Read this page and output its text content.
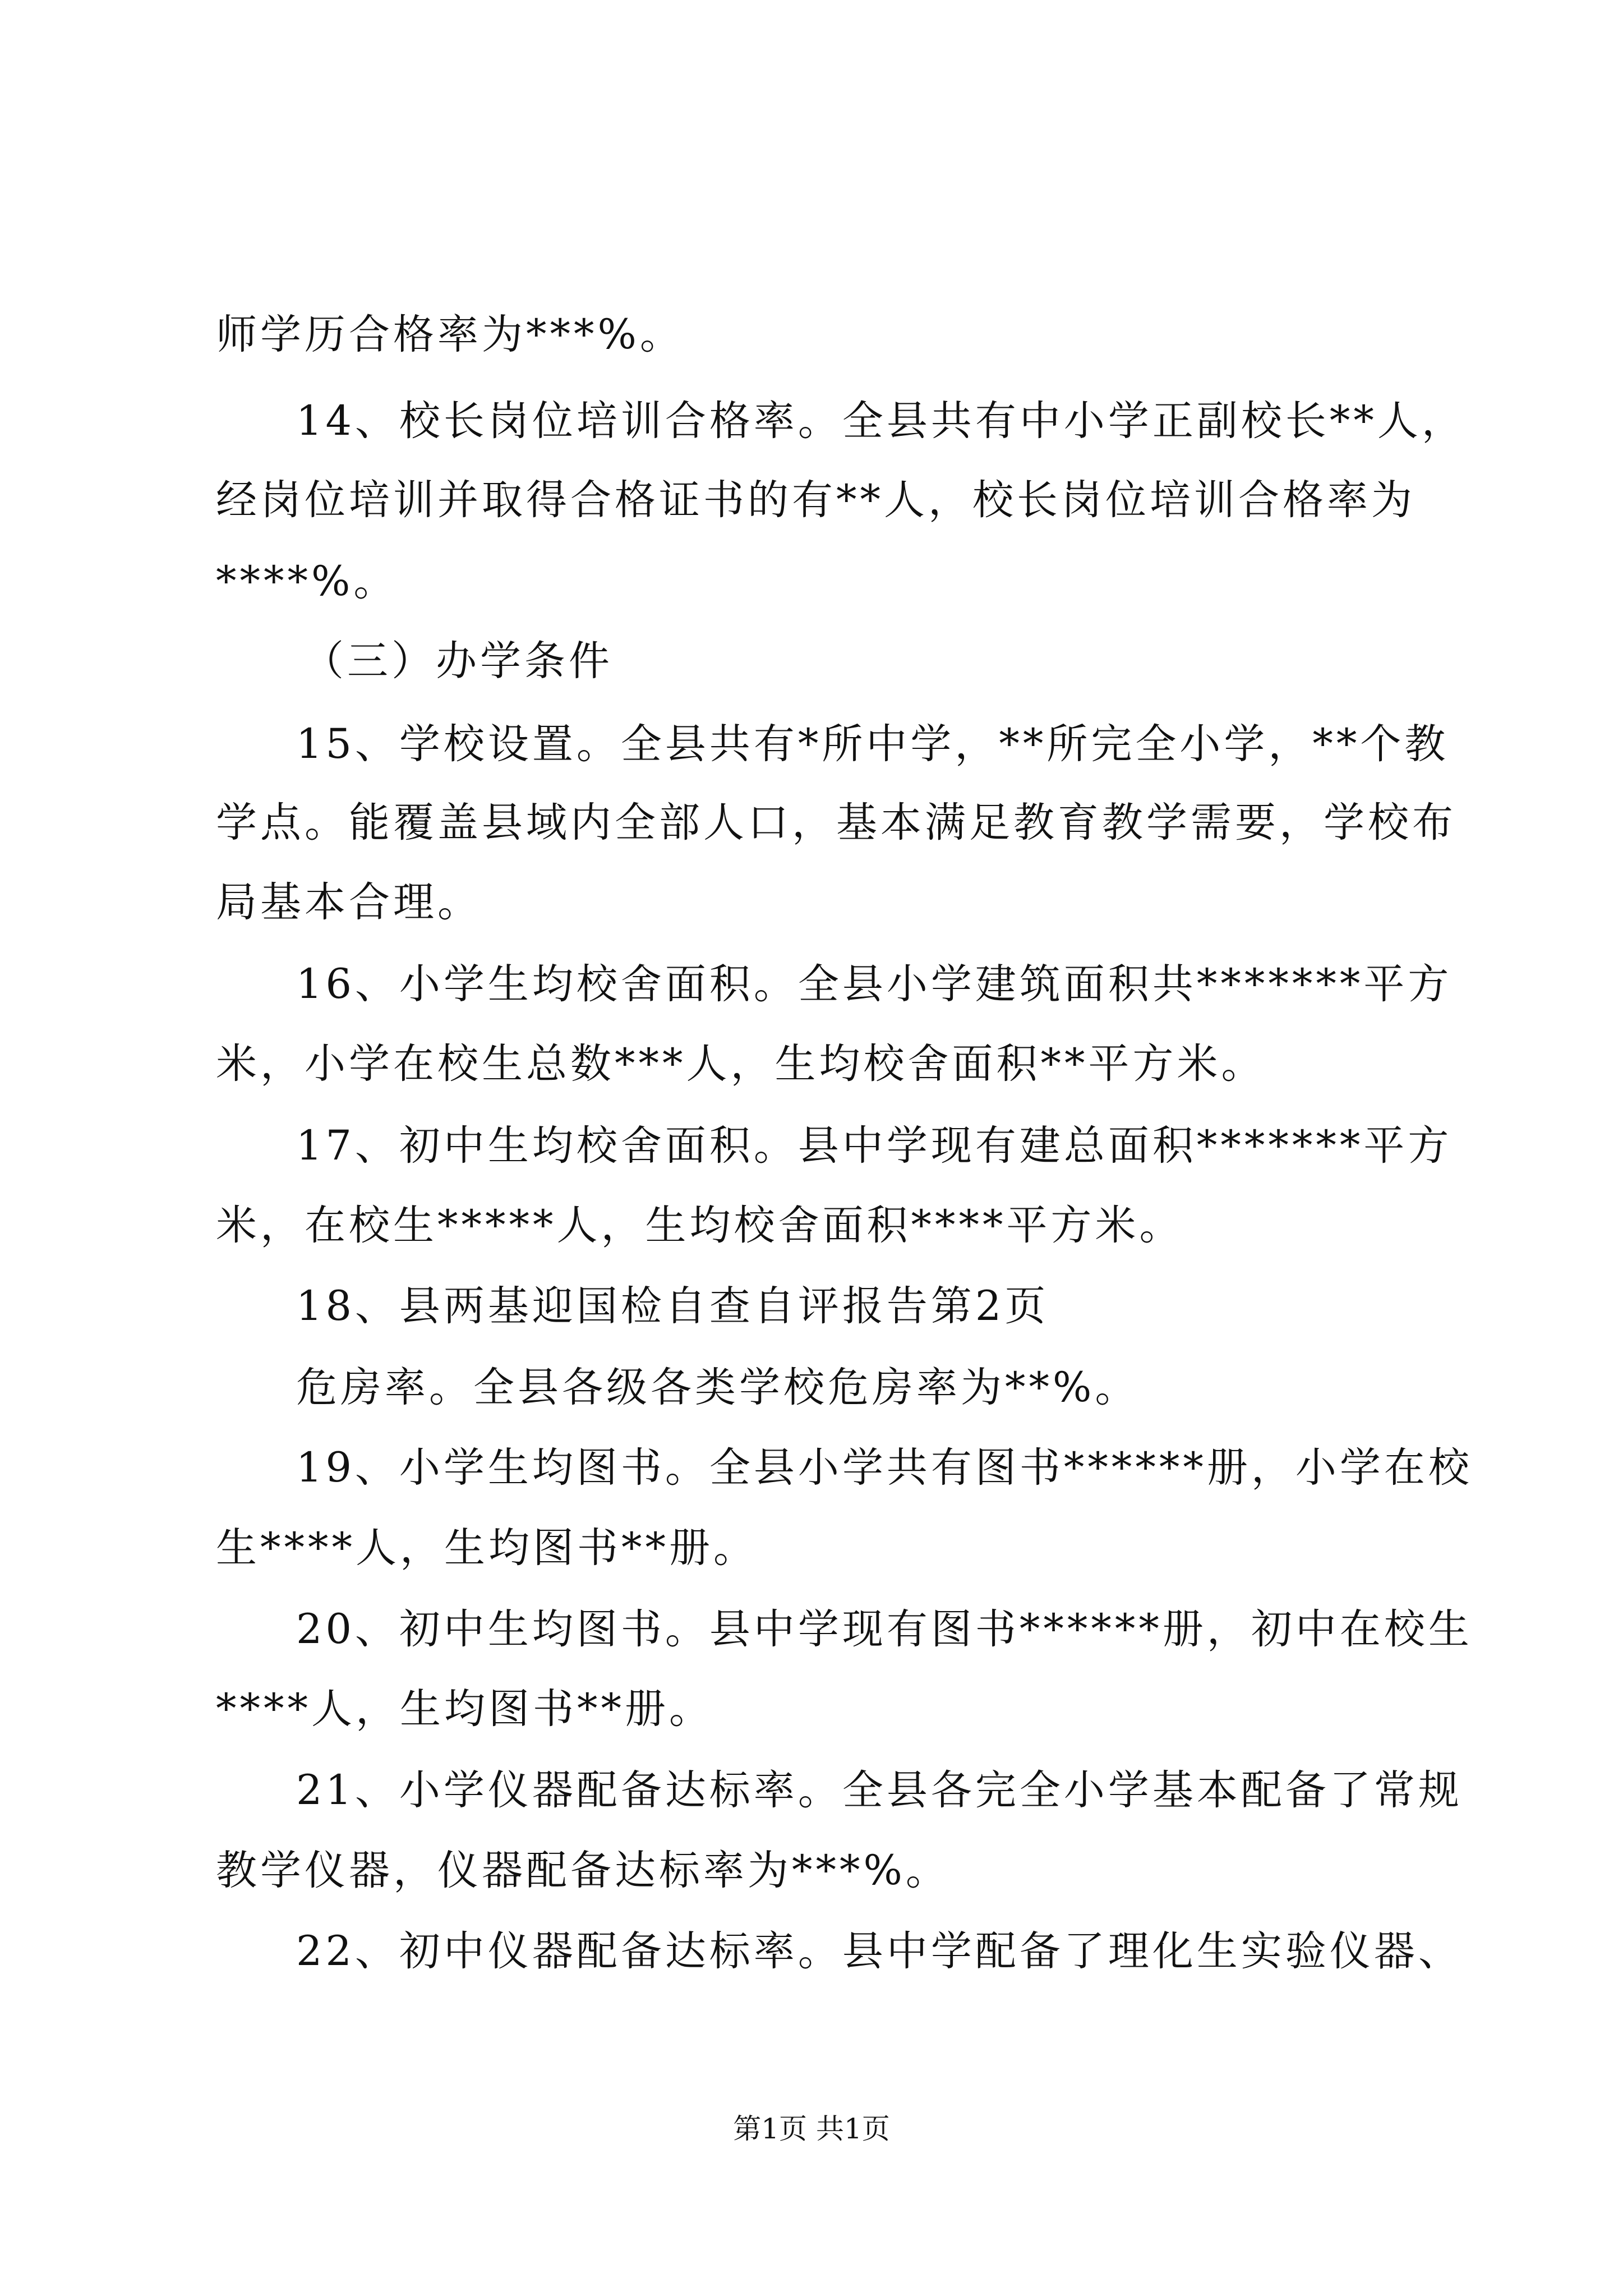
师学历合格率为***%。
14、校长岗位培训合格率。全县共有中小学正副校长**人，
经岗位培训并取得合格证书的有**人，校长岗位培训合格率为
****%。
（三）办学条件
15、学校设置。全县共有*所中学，**所完全小学，**个教
学点。能覆盖县域内全部人口，基本满足教育教学需要，学校布
局基本合理。
16、小学生均校舍面积。全县小学建筑面积共*******平方
米，小学在校生总数***人，生均校舍面积**平方米。
17、初中生均校舍面积。县中学现有建总面积*******平方
米，在校生*****人，生均校舍面积****平方米。
18、县两基迎国检自查自评报告第2页
危房率。全县各级各类学校危房率为**%。
19、小学生均图书。全县小学共有图书******册，小学在校
生****人，生均图书**册。
20、初中生均图书。县中学现有图书******册，初中在校生
****人，生均图书**册。
21、小学仪器配备达标率。全县各完全小学基本配备了常规
教学仪器，仪器配备达标率为***%。
22、初中仪器配备达标率。县中学配备了理化生实验仪器、
第1页 共1页
